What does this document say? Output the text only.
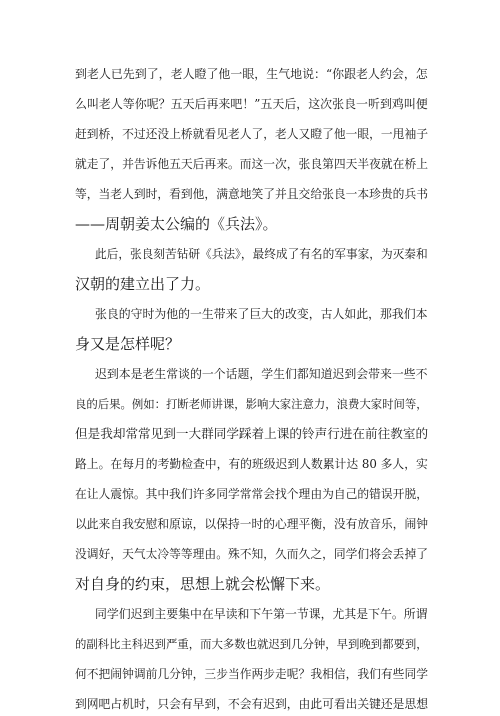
到老人已先到了，老人瞪了他一眼，生气地说：“你跟老人约会，怎
么叫老人等你呢？五天后再来吧！”五天后，这次张良一听到鸡叫便
赶到桥，不过还没上桥就看见老人了，老人又瞪了他一眼，一甩袖子
就走了，并告诉他五天后再来。而这一次，张良第四天半夜就在桥上
等，当老人到时，看到他，满意地笑了并且交给张良一本珍贵的兵书
——周朝姜太公编的《兵法》。
此后，张良刻苦钻研《兵法》，最终成了有名的军事家，为灭秦和
汉朝的建立出了力。
张良的守时为他的一生带来了巨大的改变，古人如此，那我们本
身又是怎样呢？
迟到本是老生常谈的一个话题，学生们都知道迟到会带来一些不
良的后果。例如：打断老师讲课，影响大家注意力，浪费大家时间等，
但是我却常常见到一大群同学踩着上课的铃声行进在前往教室的
路上。在每月的考勤检查中，有的班级迟到人数累计达 80 多人，实
在让人震惊。其中我们许多同学常常会找个理由为自己的错误开脱，
以此来自我安慰和原谅，以保持一时的心理平衡，没有放音乐，闹钟
没调好，天气太冷等等理由。殊不知，久而久之，同学们将会丢掉了
对自身的约束，思想上就会松懈下来。
同学们迟到主要集中在早读和下午第一节课，尤其是下午。所谓
的副科比主科迟到严重，而大多数也就迟到几分钟，早到晚到都要到，
何不把闹钟调前几分钟，三步当作两步走呢？我相信，我们有些同学
到网吧占机时，只会有早到，不会有迟到，由此可看出关键还是思想
